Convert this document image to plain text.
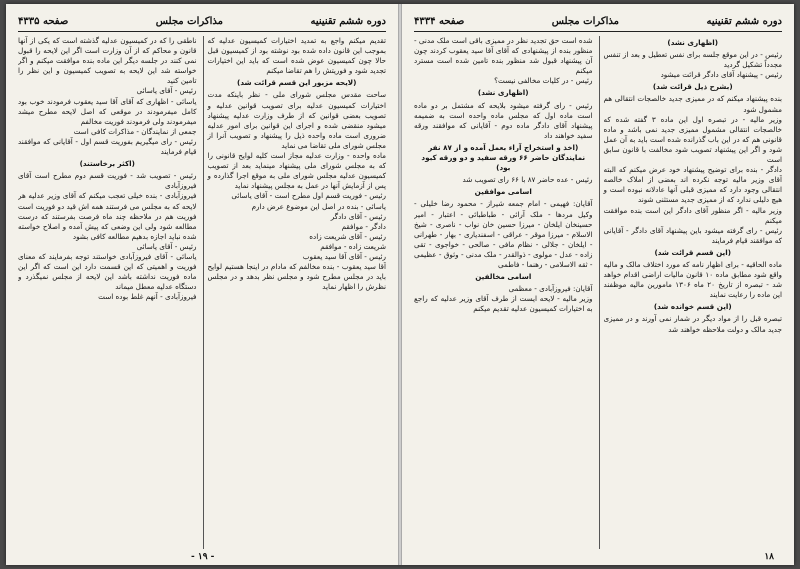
دوره ششم تقنینیه
مذاکرات مجلس
صفحه ۴۳۳۵

تقدیم میکنم واجع به تمدید اختیارات کمیسیون عدلیه که بموجب این قانون داده شده بود نوشته بود از کمیسیون قبل حالا چون کمیسیون عوض شده است که باید این اختیارات تجدید شود و فوریتش را هم تقاضا میکنم

(لایحه مزبور این قسم قرائت شد)

ساحت مقدس مجلس شورای ملی - نظر باینکه مدت اختیارات کمیسیون عدلیه برای تصویب قوانین عدلیه و تصویب بعضی قوانین که از طرف وزارت عدلیه پیشنهاد میشود منقضی شده و اجرای این قوانین برای امور عدلیه ضروری است ماده واحده ذیل را پیشنهاد و تصویب آنرا از مجلس شورای ملی تقاضا می نماید

ماده واحده - وزارت عدلیه مجاز است کلیه لوایح قانونی را که به مجلس شورای ملی پیشنهاد مینماید بعد از تصویب کمیسیون عدلیه مجلس شورای ملی به موقع اجرا گذارده و پس از آزمایش آنها در عمل به مجلس پیشنهاد نماید

رئیس - فوریت قسم اول مطرح است - آقای یاسائی

یاسائی - بنده در اصل این موضوع عرض دارم

رئیس - آقای دادگر

دادگر - موافقم

رئیس - آقای شریعت زاده

شریعت زاده - موافقم

رئیس - آقای آقا سید یعقوب

آقا سید یعقوب - بنده مخالفم که مادام در اینجا هستیم لوایح باید در مجلس مطرح شود و مجلس نظر بدهد و در مجلس نظرش را اظهار نماید

ناطقی را که در کمیسیون عدلیه گذشته است که یکی از آنها قانون و محاکم که از آن وزارت است اگر این لایحه را قبول نمی کنند در جلسه دیگر این ماده بنده موافقت میکنم و اگر خواسته شد این لایحه به تصویب کمیسیون و این نظر را تامین کنید

رئیس - آقای یاسائی

یاسائی - اظهاری که آقای آقا سید یعقوب فرمودند خوب بود کامل میفرمودند در موقعی که اصل لایحه مطرح میشد میفرمودند ولی فرمودند فوریت مخالفم

جمعی از نمایندگان - مذاکرات کافی است

رئیس - رای میگیریم بفوریت قسم اول - آقایانی که موافقند قیام فرمایند

(اکثر برخاستند)

رئیس - تصویب شد - فوریت قسم دوم مطرح است آقای فیروزآبادی

فیروزآبادی - بنده خیلی تعجب میکنم که آقای وزیر عدلیه هر لایحه که به مجلس می فرستند همه اش قید دو فوریت است فوریت هم در ملاحظه چند ماه فرصت بفرستند که درست مطالعه شود ولی این وضعی که پیش آمده و اصلاح خواسته شده نباید اجازه بدهیم مطالعه کافی بشود

رئیس - آقای یاسائی

یاسائی - آقای فیروزآبادی خواستند توجه بفرمایند که معنای فوریت و اهمیتی که این قسمت دارد این است که اگر این ماده فوریت نداشته باشد این لایحه از مجلس نمیگذرد و دستگاه عدلیه معطل میماند

فیروزآبادی - آنهم غلط بوده است

- ۱۹ -
دوره ششم تقنینیه
مذاکرات مجلس
صفحه ۴۳۳۴

(اظهاری نشد)

رئیس - در این موقع جلسه برای نفس تعطیل و بعد از تنفس مجدداً تشکیل گردید

رئیس - پیشنهاد آقای دادگر قرائت میشود

(بشرح ذیل قرائت شد)

بنده پیشنهاد میکنم که در ممیزی جدید خالصجات انتقالی هم مشمول شود

وزیر مالیه - در تبصره اول این ماده ۳ گفته شده که خالصجات انتقالی مشمول ممیزی جدید نمی باشد و ماده قانونی هم که در این باب گذرانده شده است باید به آن عمل شود و اگر این پیشنهاد تصویب شود مخالفت با قانون سابق است

دادگر - بنده برای توضیح پیشنهاد خود عرض میکنم که البته آقای وزیر مالیه توجه نکرده اند بعضی از املاک خالصه انتقالی وجود دارد که ممیزی قبلی آنها عادلانه نبوده است و هیچ دلیلی ندارد که از ممیزی جدید مستثنی شوند

وزیر مالیه - اگر منظور آقای دادگر این است بنده موافقت میکنم

رئیس - رای گرفته میشود باین پیشنهاد آقای دادگر - آقایانی که موافقند قیام فرمایند

(این قسم قرائت شد)

ماده الحاقیه - برای اظهار نامه که مورد اختلاف مالک و مالیه واقع شود مطابق ماده ۱۰ قانون مالیات اراضی اقدام خواهد شد - تبصره از تاریخ ۲۰ ماه ۱۳۰۶ مامورین مالیه موظفند این ماده را رعایت نمایند

(این قسم خوانده شد)

تبصره قبل را از مواد دیگر در شمار نمی آورند و در ممیزی جدید مالک و دولت ملاحظه خواهند شد

شده است حق تجدید نظر در ممیزی باقی است ملک مدنی - منظور بنده از پیشنهادی که آقای آقا سید یعقوب کردند چون آن پیشنهاد قبول شد منظور بنده تامین شده است مسترد میکنم

رئیس - در کلیات مخالفی نیست؟

(اظهاری نشد)

رئیس - رای گرفته میشود بلایحه که مشتمل بر دو ماده است ماده اول که مجلس ماده واحده است به ضمیمه پیشنهاد آقای دادگر ماده دوم - آقایانی که موافقند ورقه سفید خواهند داد

(اخذ و استخراج آراء بعمل آمده و از ۸۷ نفر نمایندگان حاضر ۶۶ ورقه سفید و دو ورقه کبود بود)

رئیس - عده حاضر ۸۷ با ۶۶ رای تصویب شد

اسامی موافقین

آقایان: فهیمی - امام جمعه شیراز - محمود رضا خلیلی - وکیل مردها - ملک آرائی - طباطبائی - اعتبار - امیر حسینخان ایلخان - میرزا حسین خان نواب - ناصری - شیخ الاسلام - میرزا موقر - عراقی - اسفندیاری - بهار - طهرانی - ایلخان - جلالی - نظام مافی - صالحی - خواجوی - تقی زاده - عدل - مولوی - ذوالقدر - ملک مدنی - وثوق - عظیمی - ثقه الاسلامی - رهنما - فاطمی

اسامی مخالفین

آقایان: فیروزآبادی - معظمی

وزیر مالیه - لایحه ایست از طرف آقای وزیر عدلیه که راجع به اختیارات کمیسیون عدلیه تقدیم میکنم

۱۸
